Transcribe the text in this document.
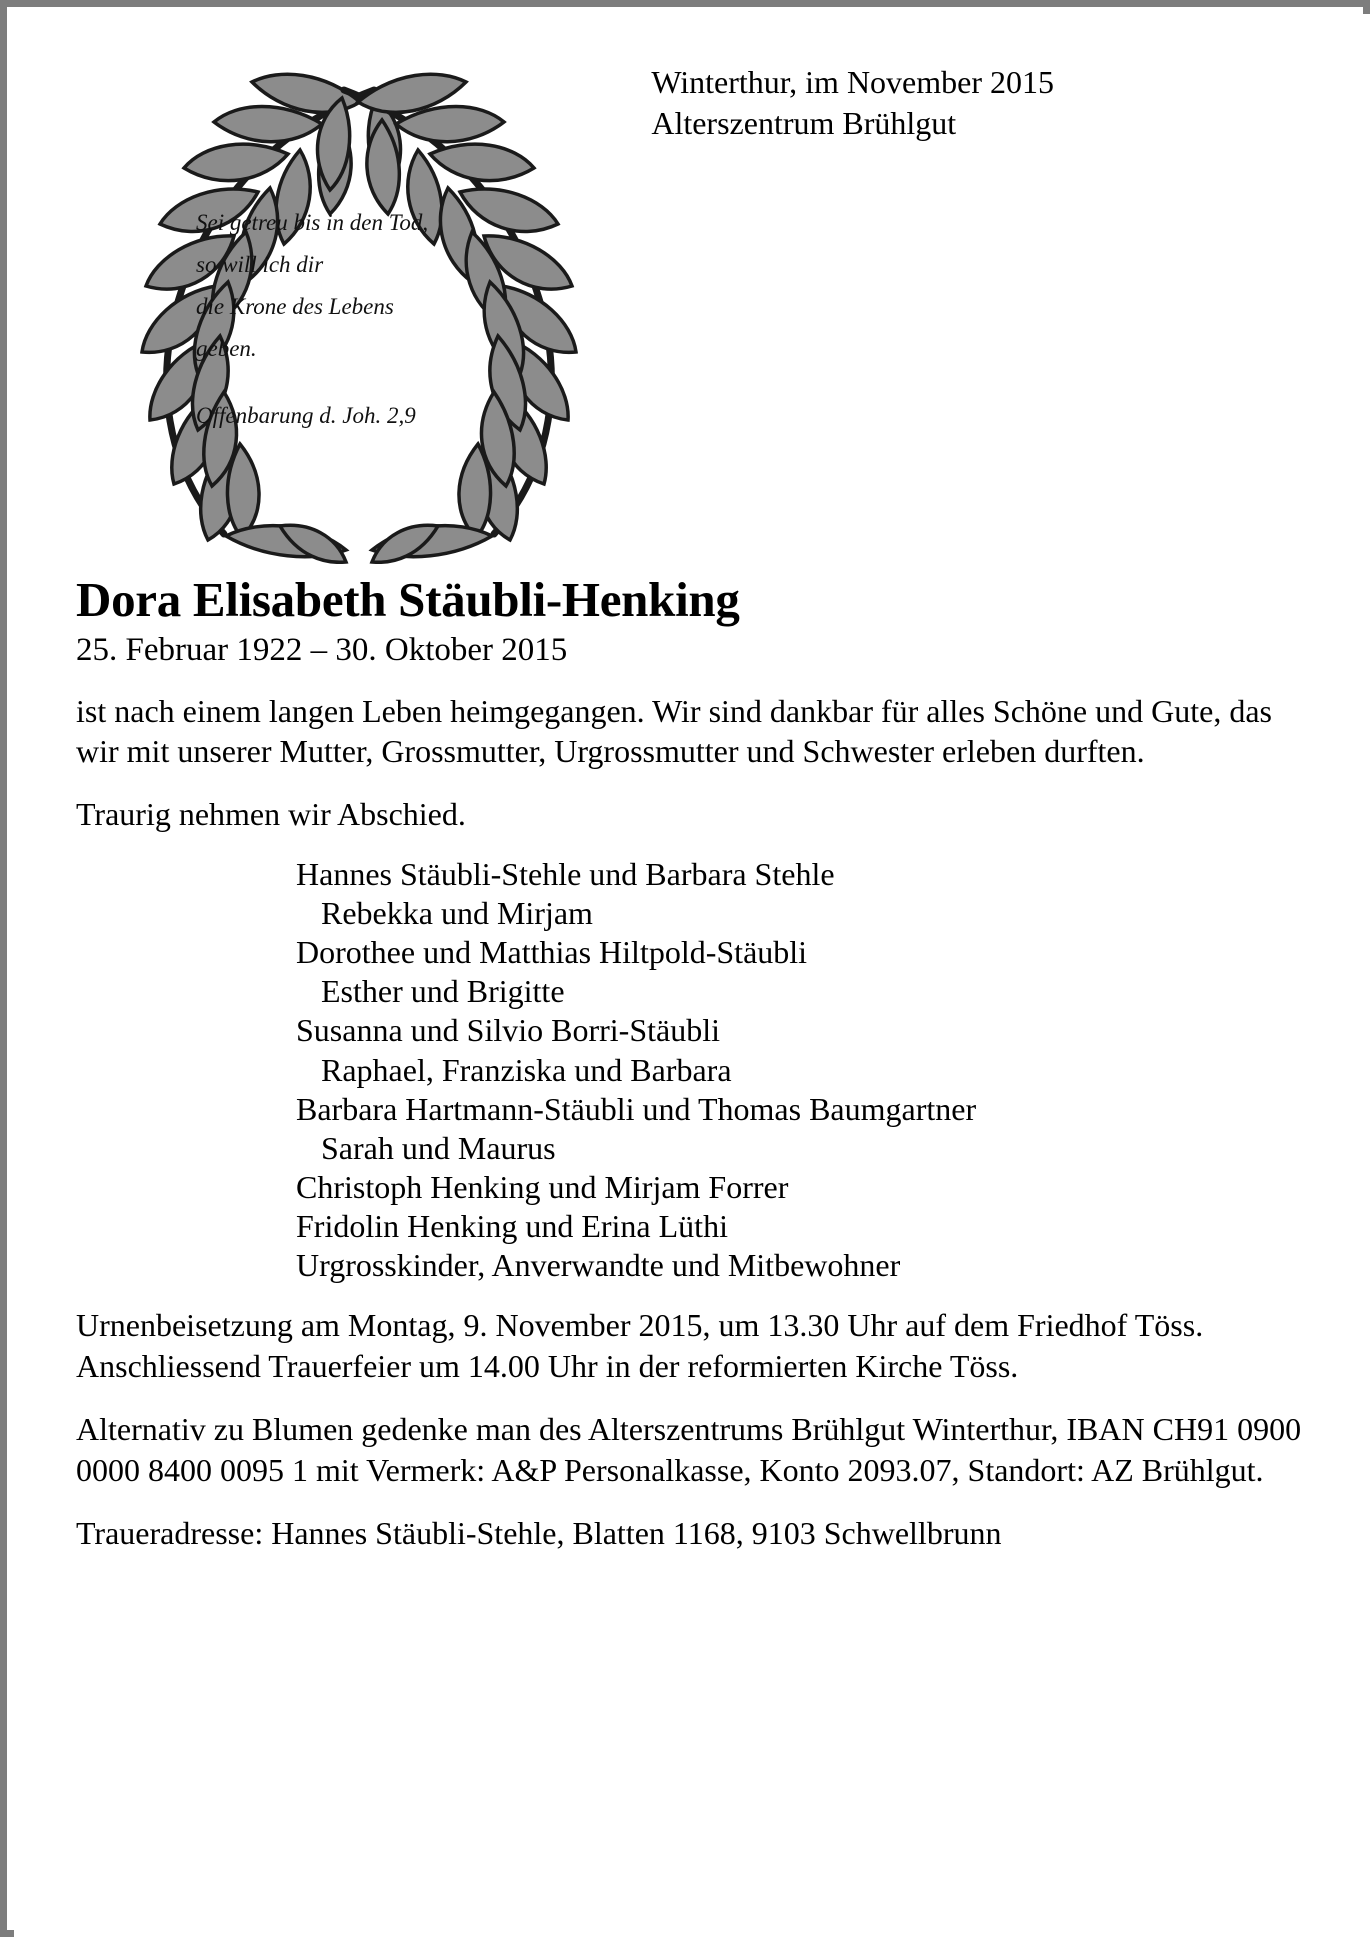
Winterthur, im November 2015
Alterszentrum Brühlgut
Sei getreu bis in den Tod,
so will ich dir
die Krone des Lebens
geben.
Offenbarung d. Joh. 2,9
Dora Elisabeth Stäubli-Henking
25. Februar 1922 – 30. Oktober 2015

ist nach einem langen Leben heimgegangen. Wir sind dankbar für alles Schöne und Gute, das wir mit unserer Mutter, Grossmutter, Urgrossmutter und Schwester erleben durften.

Traurig nehmen wir Abschied.

Hannes Stäubli-Stehle und Barbara Stehle
Rebekka und Mirjam
Dorothee und Matthias Hiltpold-Stäubli
Esther und Brigitte
Susanna und Silvio Borri-Stäubli
Raphael, Franziska und Barbara
Barbara Hartmann-Stäubli und Thomas Baumgartner
Sarah und Maurus
Christoph Henking und Mirjam Forrer
Fridolin Henking und Erina Lüthi
Urgrosskinder, Anverwandte und Mitbewohner

Urnenbeisetzung am Montag, 9. November 2015, um 13.30 Uhr auf dem Friedhof Töss. Anschliessend Trauerfeier um 14.00 Uhr in der reformierten Kirche Töss.

Alternativ zu Blumen gedenke man des Alterszentrums Brühlgut Winterthur, IBAN CH91 0900 0000 8400 0095 1 mit Vermerk: A&P Personalkasse, Konto 2093.07, Standort: AZ Brühlgut.

Traueradresse: Hannes Stäubli-Stehle, Blatten 1168, 9103 Schwellbrunn
